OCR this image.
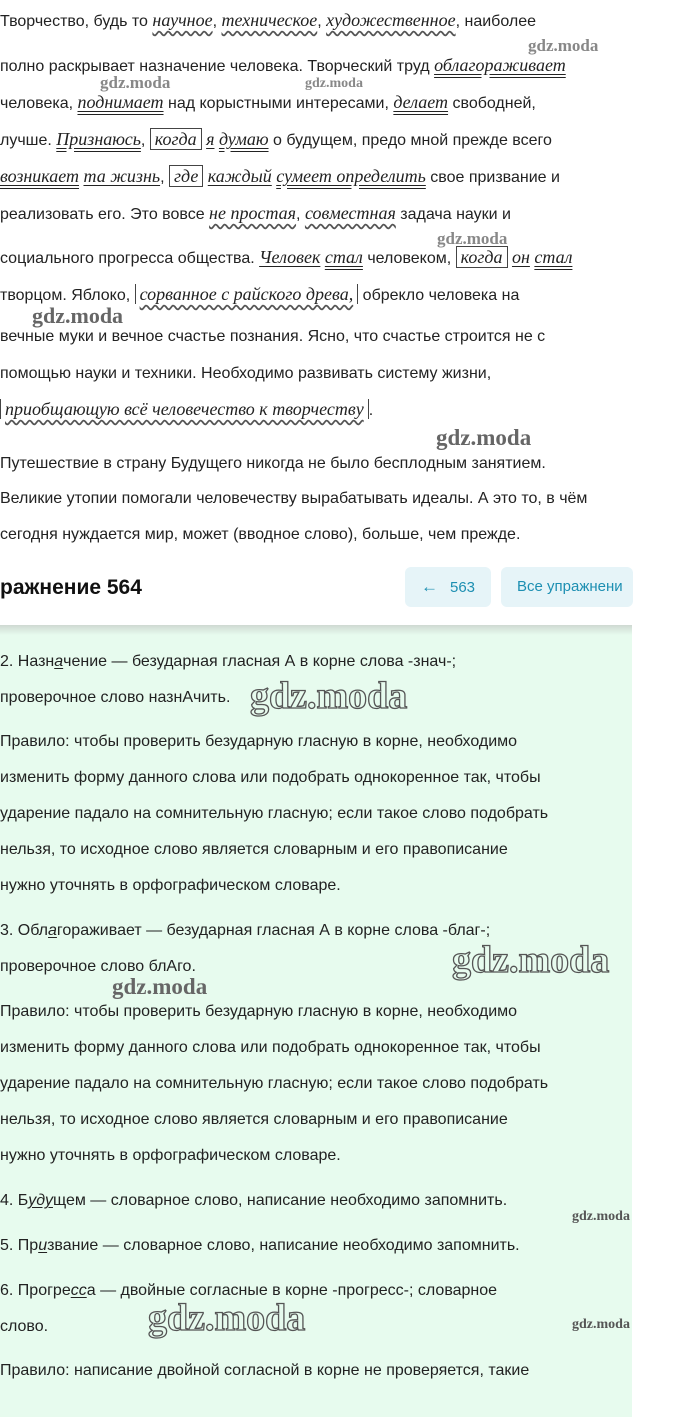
Творчество, будь то научное, техническое, художественное, наиболее
полно раскрывает назначение человека. Творческий труд облагораживает
человека, поднимает над корыстными интересами, делает свободней,
лучше. Признаюсь, когда я думаю о будущем, предо мной прежде всего
возникает та жизнь, где каждый сумеет определить свое призвание и
реализовать его. Это вовсе не простая, совместная задача науки и
социального прогресса общества. Человек стал человеком, когда он стал
творцом. Яблоко, сорванное с райского древа, обрекло человека на
вечные муки и вечное счастье познания. Ясно, что счастье строится не с
помощью науки и техники. Необходимо развивать систему жизни,
приобщающую всё человечество к творчеству .
Путешествие в страну Будущего никогда не было бесплодным занятием.
Великие утопии помогали человечеству вырабатывать идеалы. А это то, в чём
сегодня нуждается мир, может (вводное слово), больше, чем прежде.
gdz.moda
gdz.moda	gdz.moda
gdz.moda
gdz.moda
gdz.moda
ражнение 564	← 563	Все упражнени
2. Назначение — безударная гласная А в корне слова -знач-;
проверочное слово назнАчить.
Правило: чтобы проверить безударную гласную в корне, необходимо
изменить форму данного слова или подобрать однокоренное так, чтобы
ударение падало на сомнительную гласную; если такое слово подобрать
нельзя, то исходное слово является словарным и его правописание
нужно уточнять в орфографическом словаре.
3. Облагораживает — безударная гласная А в корне слова -благ-;
проверочное слово блАго.
Правило: чтобы проверить безударную гласную в корне, необходимо
изменить форму данного слова или подобрать однокоренное так, чтобы
ударение падало на сомнительную гласную; если такое слово подобрать
нельзя, то исходное слово является словарным и его правописание
нужно уточнять в орфографическом словаре.
4. Будущем — словарное слово, написание необходимо запомнить.
5. Призвание — словарное слово, написание необходимо запомнить.
6. Прогресса — двойные согласные в корне -прогресс-; словарное
слово.
Правило: написание двойной согласной в корне не проверяется, такие
gdz.moda
gdz.moda
gdz.moda
gdz.moda
gdz.moda	gdz.moda
